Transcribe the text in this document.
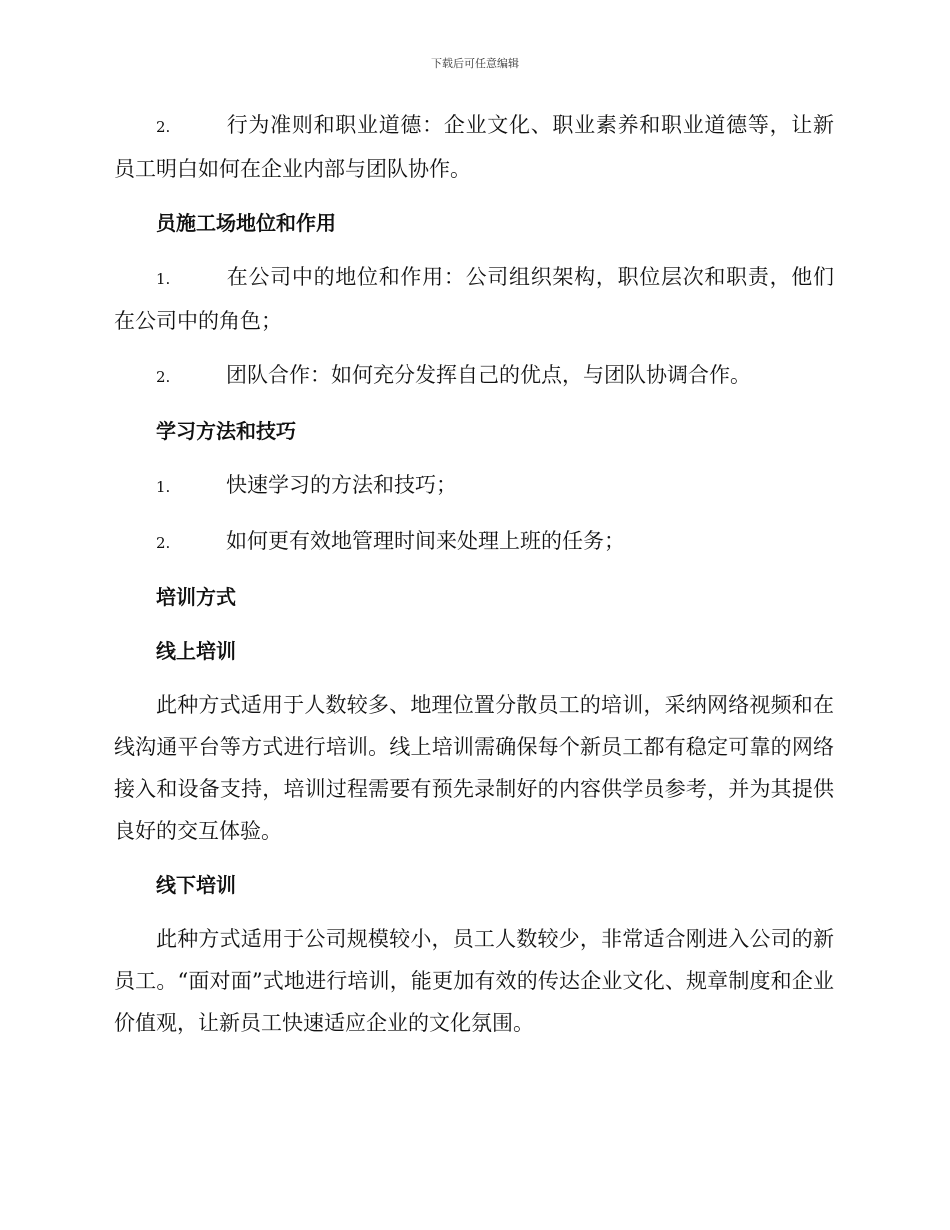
下载后可任意编辑

2.	行为准则和职业道德：企业文化、职业素养和职业道德等，让新员工明白如何在企业内部与团队协作。

员施工场地位和作用

1.	在公司中的地位和作用：公司组织架构，职位层次和职责，他们在公司中的角色；

2.	团队合作：如何充分发挥自己的优点，与团队协调合作。

学习方法和技巧

1.	快速学习的方法和技巧；

2.	如何更有效地管理时间来处理上班的任务；

培训方式

线上培训

此种方式适用于人数较多、地理位置分散员工的培训，采纳网络视频和在线沟通平台等方式进行培训。线上培训需确保每个新员工都有稳定可靠的网络接入和设备支持，培训过程需要有预先录制好的内容供学员参考，并为其提供良好的交互体验。

线下培训

此种方式适用于公司规模较小，员工人数较少，非常适合刚进入公司的新员工。“面对面”式地进行培训，能更加有效的传达企业文化、规章制度和企业价值观，让新员工快速适应企业的文化氛围。
